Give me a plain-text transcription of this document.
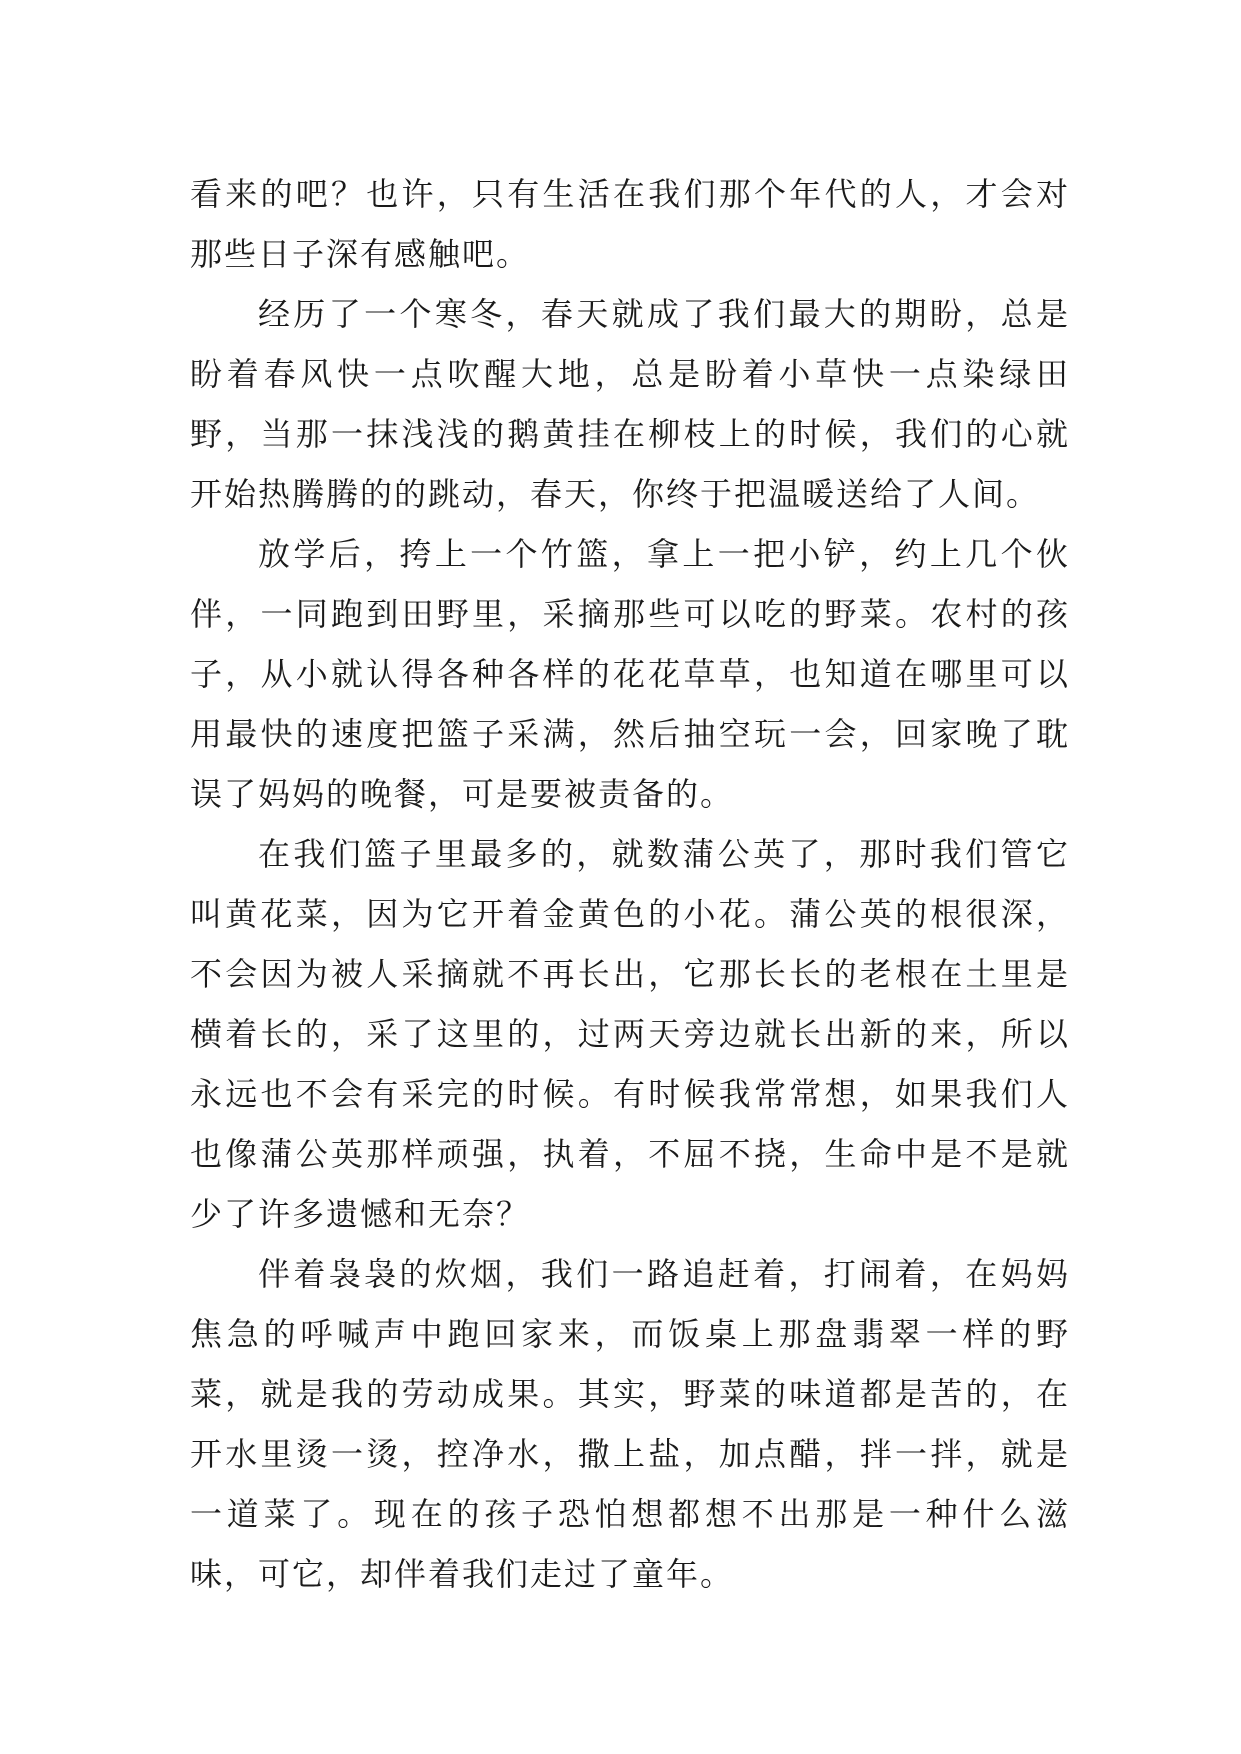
看来的吧？也许，只有生活在我们那个年代的人，才会对那些日子深有感触吧。

经历了一个寒冬，春天就成了我们最大的期盼，总是盼着春风快一点吹醒大地，总是盼着小草快一点染绿田野，当那一抹浅浅的鹅黄挂在柳枝上的时候，我们的心就开始热腾腾的的跳动，春天，你终于把温暖送给了人间。

放学后，挎上一个竹篮，拿上一把小铲，约上几个伙伴，一同跑到田野里，采摘那些可以吃的野菜。农村的孩子，从小就认得各种各样的花花草草，也知道在哪里可以用最快的速度把篮子采满，然后抽空玩一会，回家晚了耽误了妈妈的晚餐，可是要被责备的。

在我们篮子里最多的，就数蒲公英了，那时我们管它叫黄花菜，因为它开着金黄色的小花。蒲公英的根很深，不会因为被人采摘就不再长出，它那长长的老根在土里是横着长的，采了这里的，过两天旁边就长出新的来，所以永远也不会有采完的时候。有时候我常常想，如果我们人也像蒲公英那样顽强，执着，不屈不挠，生命中是不是就少了许多遗憾和无奈？

伴着袅袅的炊烟，我们一路追赶着，打闹着，在妈妈焦急的呼喊声中跑回家来，而饭桌上那盘翡翠一样的野菜，就是我的劳动成果。其实，野菜的味道都是苦的，在开水里烫一烫，控净水，撒上盐，加点醋，拌一拌，就是一道菜了。现在的孩子恐怕想都想不出那是一种什么滋味，可它，却伴着我们走过了童年。
